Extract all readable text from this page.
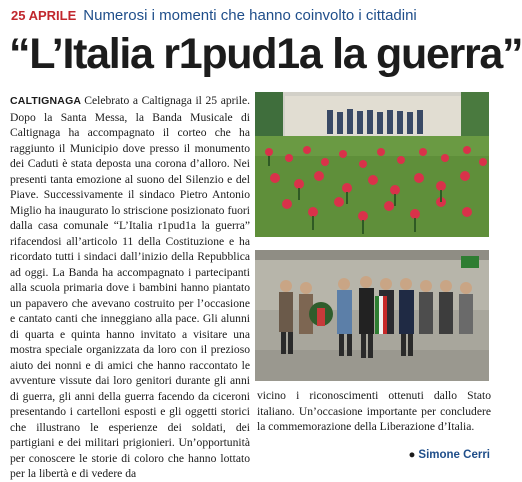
25 APRILE Numerosi i momenti che hanno coinvolto i cittadini
“L’Italia r1pud1a la guerra”
CALTIGNAGA Celebrato a Caltignaga il 25 aprile. Dopo la Santa Messa, la Banda Musicale di Caltignaga ha accompagnato il corteo che ha raggiunto il Municipio dove presso il monumento dei Caduti è stata deposta una corona d’alloro. Nei presenti tanta emozione al suono del Silenzio e del Piave. Successivamente il sindaco Pietro Antonio Miglio ha inaugurato lo striscione posizionato fuori dalla casa comunale “L’Italia r1pud1a la guerra” rifacendosi all’articolo 11 della Costituzione e ha ricordato tutti i sindaci dall’inizio della Repubblica ad oggi. La Banda ha accompagnato i partecipanti alla scuola primaria dove i bambini hanno piantato un papavero che avevano costruito per l’occasione e cantato canti che inneggiano alla pace. Gli alunni di quarta e quinta hanno invitato a visitare una mostra speciale organizzata da loro con il prezioso aiuto dei nonni e di amici che hanno raccontato le avventure vissute dai loro genitori durante gli anni di guerra, gli anni della guerra facendo da ciceroni presentando i cartelloni esposti e gli oggetti storici che illustrano le esperienze dei soldati, dei partigiani e dei militari prigionieri. Un’opportunità per conoscere le storie di coloro che hanno lottato per la libertà e di vedere da
vicino i riconoscimenti ottenuti dallo Stato italiano. Un’occasione importante per concludere la commemorazione della Liberazione d’Italia.
● Simone Cerri
